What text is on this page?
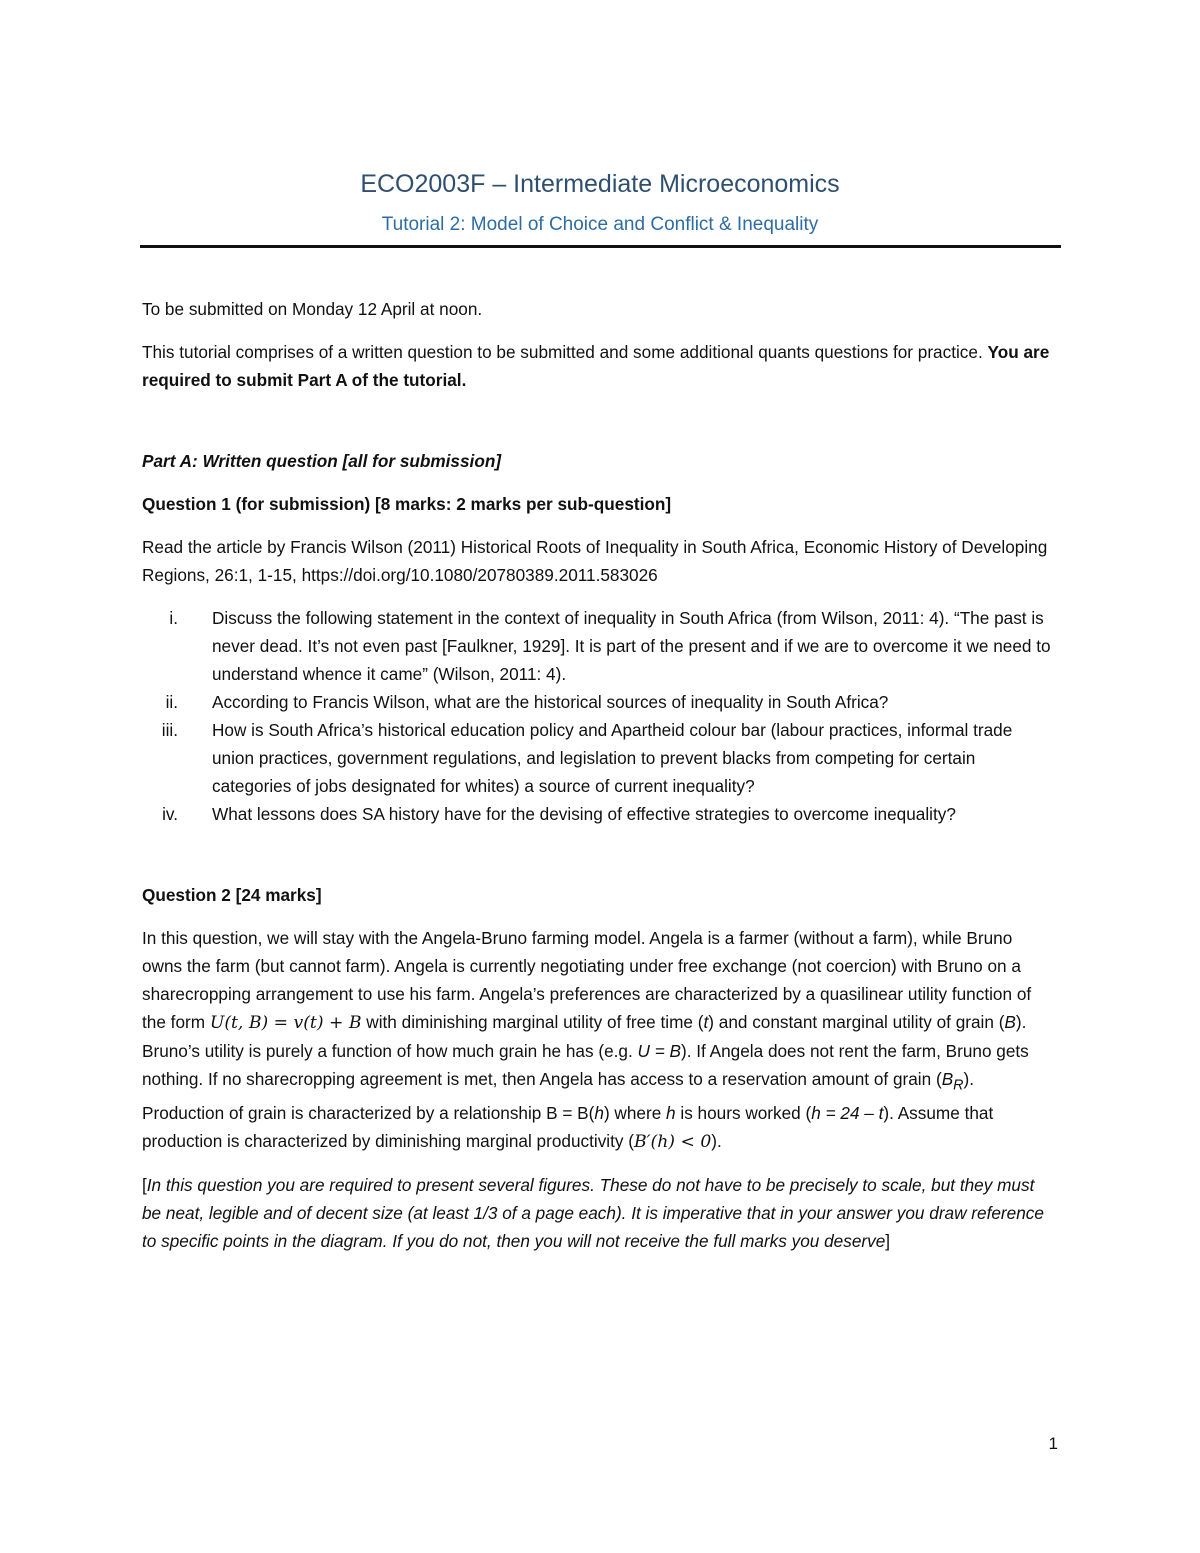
ECO2003F – Intermediate Microeconomics
Tutorial 2: Model of Choice and Conflict & Inequality

To be submitted on Monday 12 April at noon.

This tutorial comprises of a written question to be submitted and some additional quants questions for practice. You are required to submit Part A of the tutorial.

Part A: Written question [all for submission]

Question 1 (for submission) [8 marks: 2 marks per sub-question]

Read the article by Francis Wilson (2011) Historical Roots of Inequality in South Africa, Economic History of Developing Regions, 26:1, 1-15, https://doi.org/10.1080/20780389.2011.583026

i. Discuss the following statement in the context of inequality in South Africa (from Wilson, 2011: 4). “The past is never dead. It’s not even past [Faulkner, 1929]. It is part of the present and if we are to overcome it we need to understand whence it came” (Wilson, 2011: 4).
ii. According to Francis Wilson, what are the historical sources of inequality in South Africa?
iii. How is South Africa’s historical education policy and Apartheid colour bar (labour practices, informal trade union practices, government regulations, and legislation to prevent blacks from competing for certain categories of jobs designated for whites) a source of current inequality?
iv. What lessons does SA history have for the devising of effective strategies to overcome inequality?

Question 2 [24 marks]

In this question, we will stay with the Angela-Bruno farming model. Angela is a farmer (without a farm), while Bruno owns the farm (but cannot farm). Angela is currently negotiating under free exchange (not coercion) with Bruno on a sharecropping arrangement to use his farm. Angela’s preferences are characterized by a quasilinear utility function of the form U(t, B) = v(t) + B with diminishing marginal utility of free time (t) and constant marginal utility of grain (B). Bruno’s utility is purely a function of how much grain he has (e.g. U = B). If Angela does not rent the farm, Bruno gets nothing. If no sharecropping agreement is met, then Angela has access to a reservation amount of grain $(B_R)$. Production of grain is characterized by a relationship B = B(h) where h is hours worked (h = 24 – t). Assume that production is characterized by diminishing marginal productivity (B′(h) < 0).

[In this question you are required to present several figures. These do not have to be precisely to scale, but they must be neat, legible and of decent size (at least 1/3 of a page each). It is imperative that in your answer you draw reference to specific points in the diagram. If you do not, then you will not receive the full marks you deserve]

1
